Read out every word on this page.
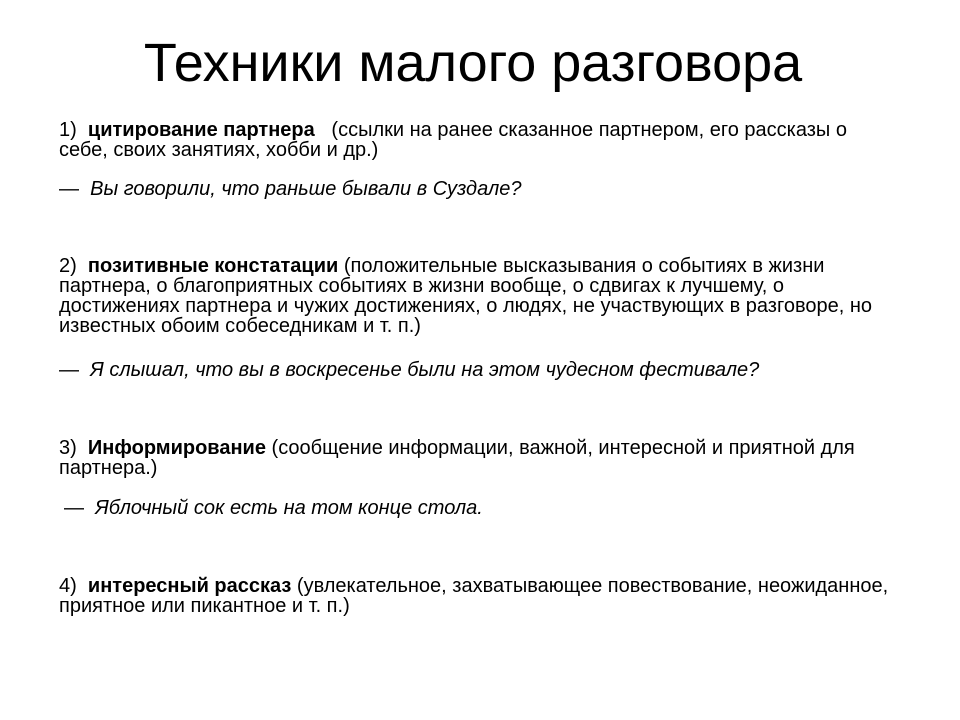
Техники малого разговора
1) цитирование партнера (ссылки на ранее сказанное партнером, его рассказы о себе, своих занятиях, хобби и др.)
— Вы говорили, что раньше бывали в Суздале?
2) позитивные констатации (положительные высказывания о событиях в жизни партнера, о благоприятных событиях в жизни вообще, о сдвигах к лучшему, о достижениях партнера и чужих достижениях, о людях, не участвующих в разговоре, но известных обоим собеседникам и т. п.)
— Я слышал, что вы в воскресенье были на этом чудесном фестивале?
3) Информирование (сообщение информации, важной, интересной и приятной для партнера.)
— Яблочный сок есть на том конце стола.
4) интересный рассказ (увлекательное, захватывающее повествование, неожиданное, приятное или пикантное и т. п.)
